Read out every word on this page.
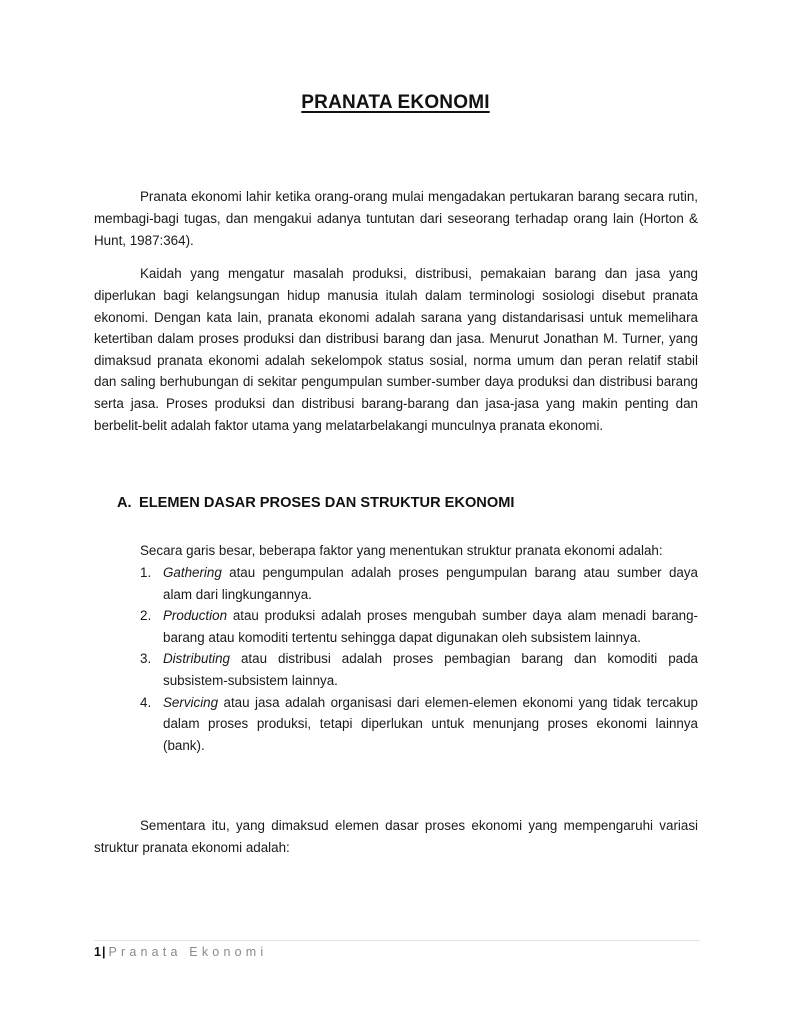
PRANATA EKONOMI

Pranata ekonomi lahir ketika orang-orang mulai mengadakan pertukaran barang secara rutin, membagi-bagi tugas, dan mengakui adanya tuntutan dari seseorang terhadap orang lain (Horton & Hunt, 1987:364).

Kaidah yang mengatur masalah produksi, distribusi, pemakaian barang dan jasa yang diperlukan bagi kelangsungan hidup manusia itulah dalam terminologi sosiologi disebut pranata ekonomi. Dengan kata lain, pranata ekonomi adalah sarana yang distandarisasi untuk memelihara ketertiban dalam proses produksi dan distribusi barang dan jasa. Menurut Jonathan M. Turner, yang dimaksud pranata ekonomi adalah sekelompok status sosial, norma umum dan peran relatif stabil dan saling berhubungan di sekitar pengumpulan sumber-sumber daya produksi dan distribusi barang serta jasa. Proses produksi dan distribusi barang-barang dan jasa-jasa yang makin penting dan berbelit-belit adalah faktor utama yang melatarbelakangi munculnya pranata ekonomi.

A. ELEMEN DASAR PROSES DAN STRUKTUR EKONOMI
Secara garis besar, beberapa faktor yang menentukan struktur pranata ekonomi adalah:
1. Gathering atau pengumpulan adalah proses pengumpulan barang atau sumber daya alam dari lingkungannya.
2. Production atau produksi adalah proses mengubah sumber daya alam menadi barang-barang atau komoditi tertentu sehingga dapat digunakan oleh subsistem lainnya.
3. Distributing atau distribusi adalah proses pembagian barang dan komoditi pada subsistem-subsistem lainnya.
4. Servicing atau jasa adalah organisasi dari elemen-elemen ekonomi yang tidak tercakup dalam proses produksi, tetapi diperlukan untuk menunjang proses ekonomi lainnya (bank).

Sementara itu, yang dimaksud elemen dasar proses ekonomi yang mempengaruhi variasi struktur pranata ekonomi adalah:

1| Pranata Ekonomi
